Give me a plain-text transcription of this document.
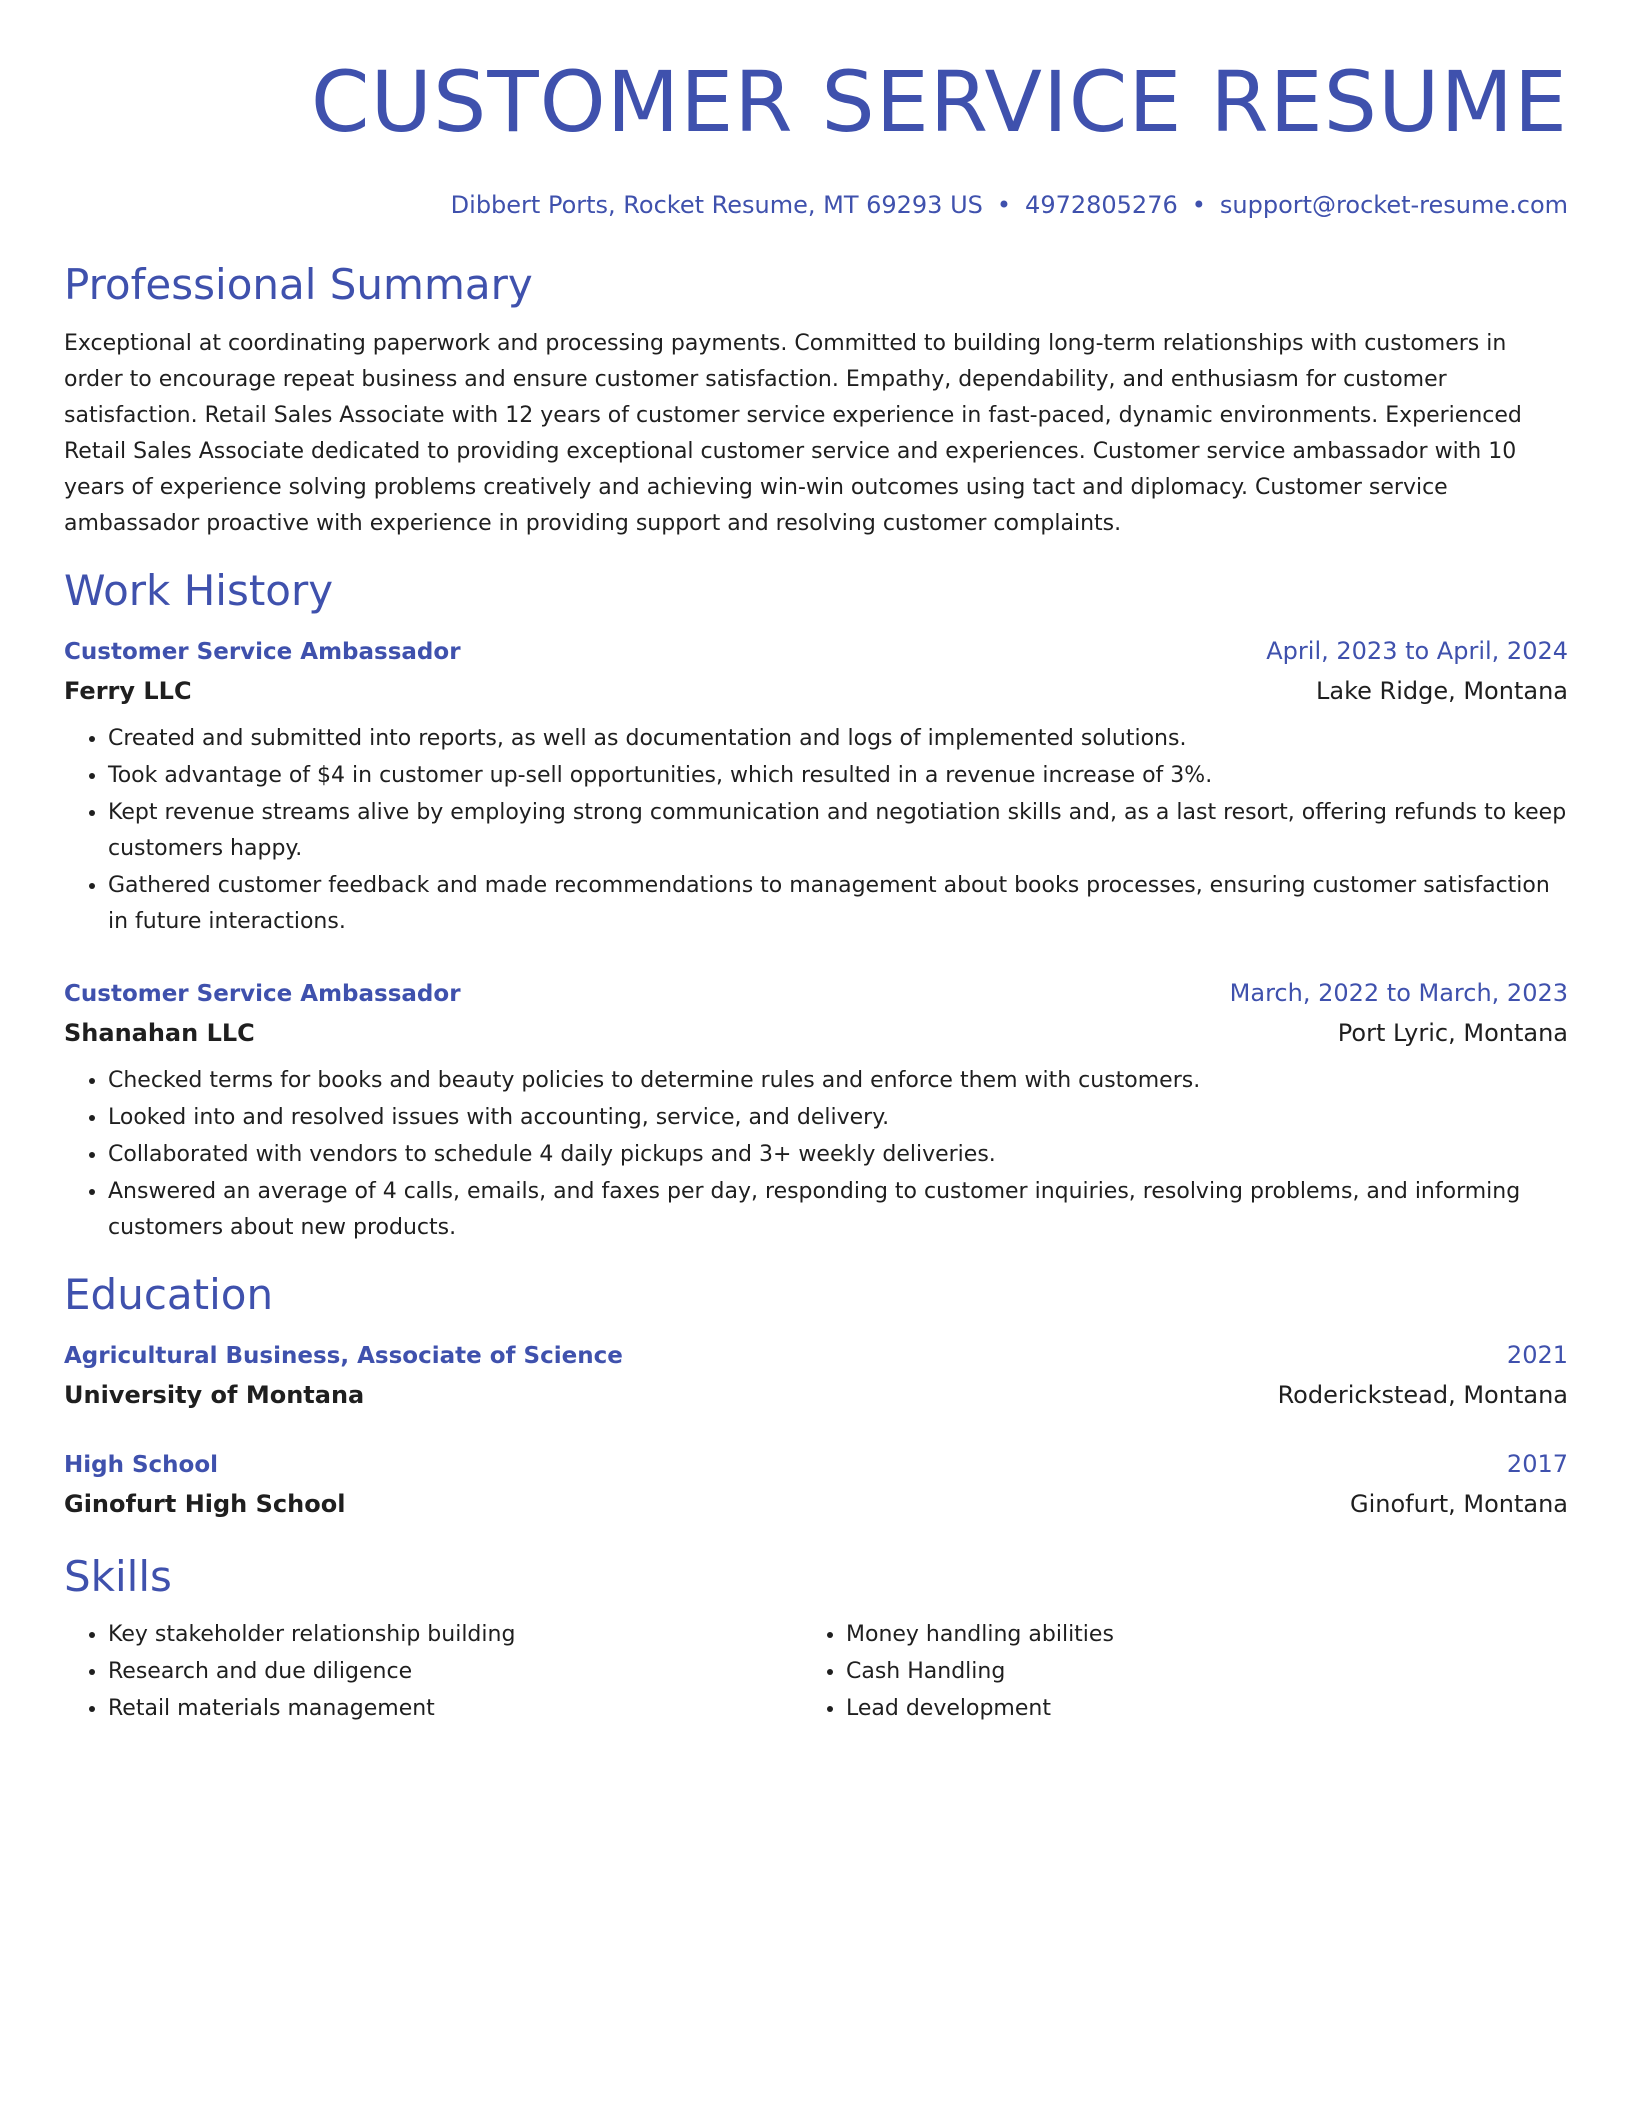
CUSTOMER SERVICE RESUME
Dibbert Ports, Rocket Resume, MT 69293 US • 4972805276 • support@rocket-resume.com
Professional Summary

Exceptional at coordinating paperwork and processing payments. Committed to building long-term relationships with customers in order to encourage repeat business and ensure customer satisfaction. Empathy, dependability, and enthusiasm for customer satisfaction. Retail Sales Associate with 12 years of customer service experience in fast-paced, dynamic environments. Experienced Retail Sales Associate dedicated to providing exceptional customer service and experiences. Customer service ambassador with 10 years of experience solving problems creatively and achieving win-win outcomes using tact and diplomacy. Customer service ambassador proactive with experience in providing support and resolving customer complaints.

Work History
Customer Service Ambassador	April, 2023 to April, 2024
Ferry LLC	Lake Ridge, Montana
• Created and submitted into reports, as well as documentation and logs of implemented solutions.
• Took advantage of $4 in customer up-sell opportunities, which resulted in a revenue increase of 3%.
• Kept revenue streams alive by employing strong communication and negotiation skills and, as a last resort, offering refunds to keep customers happy.
• Gathered customer feedback and made recommendations to management about books processes, ensuring customer satisfaction in future interactions.
Customer Service Ambassador	March, 2022 to March, 2023
Shanahan LLC	Port Lyric, Montana
• Checked terms for books and beauty policies to determine rules and enforce them with customers.
• Looked into and resolved issues with accounting, service, and delivery.
• Collaborated with vendors to schedule 4 daily pickups and 3+ weekly deliveries.
• Answered an average of 4 calls, emails, and faxes per day, responding to customer inquiries, resolving problems, and informing customers about new products.
Education
Agricultural Business, Associate of Science	2021
University of Montana	Roderickstead, Montana
High School	2017
Ginofurt High School	Ginofurt, Montana
Skills
• Key stakeholder relationship building
• Research and due diligence
• Retail materials management
• Money handling abilities
• Cash Handling
• Lead development
